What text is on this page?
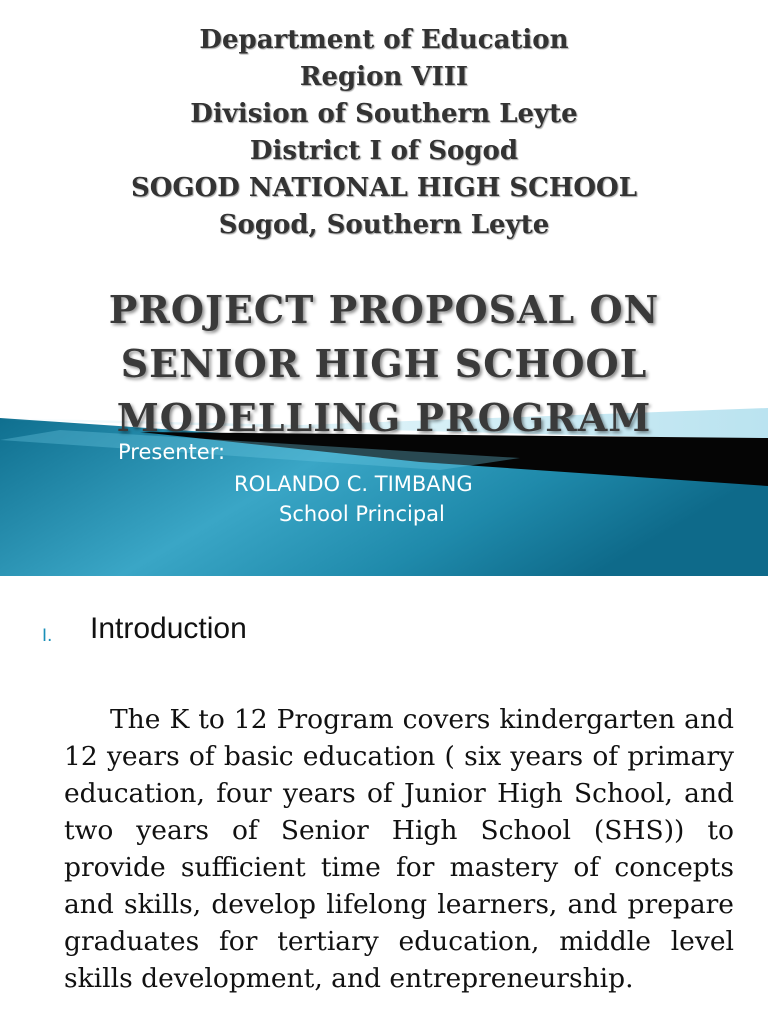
Department of Education
Region VIII
Division of Southern Leyte
District I of Sogod
SOGOD NATIONAL HIGH SCHOOL
Sogod, Southern Leyte
PROJECT PROPOSAL ON
SENIOR HIGH SCHOOL
MODELLING PROGRAM
Presenter:
ROLANDO C. TIMBANG
School Principal
I. Introduction

The K to 12 Program covers kindergarten and 12 years of basic education ( six years of primary education, four years of Junior High School, and two years of Senior High School (SHS)) to provide sufficient time for mastery of concepts and skills, develop lifelong learners, and prepare graduates for tertiary education, middle level skills development, and entrepreneurship.
